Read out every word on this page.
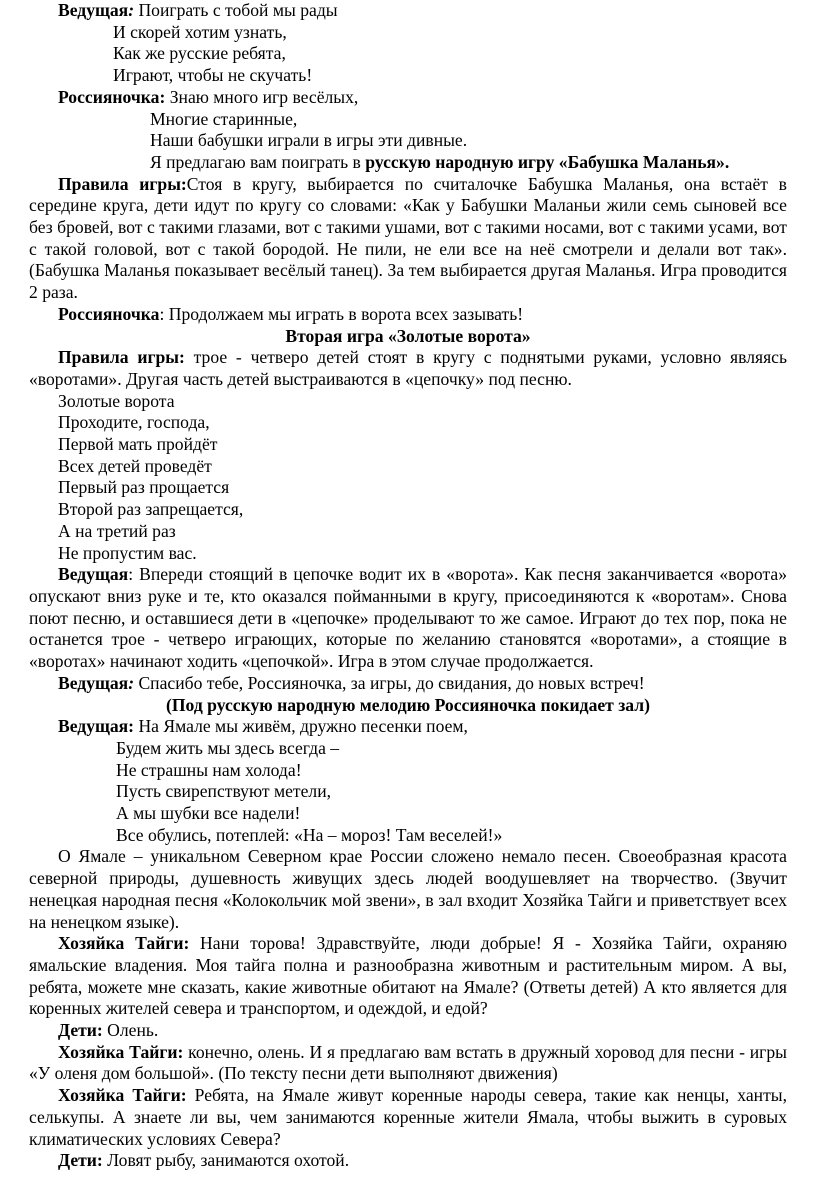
Ведущая: Поиграть с тобой мы рады

И скорей хотим узнать,

Как же русские ребята,

Играют, чтобы не скучать!

Россияночка: Знаю много игр весёлых,

Многие старинные,

Наши бабушки играли в игры эти дивные.

Я предлагаю вам поиграть в русскую народную игру «Бабушка Маланья».

Правила игры:Стоя в кругу, выбирается по считалочке Бабушка Маланья, она встаёт в середине круга, дети идут по кругу со словами: «Как у Бабушки Маланьи жили семь сыновей все без бровей, вот с такими глазами, вот с такими ушами, вот с такими носами, вот с такими усами, вот с такой головой, вот с такой бородой. Не пили, не ели все на неё смотрели и делали вот так». (Бабушка Маланья показывает весёлый танец). За тем выбирается другая Маланья. Игра проводится 2 раза.

Россияночка: Продолжаем мы играть в ворота всех зазывать!

Вторая игра «Золотые ворота»

Правила игры: трое - четверо детей стоят в кругу с поднятыми руками, условно являясь «воротами». Другая часть детей выстраиваются в «цепочку» под песню.

Золотые ворота

Проходите, господа,

Первой мать пройдёт

Всех детей проведёт

Первый раз прощается

Второй раз запрещается,

А на третий раз

Не пропустим вас.

Ведущая: Впереди стоящий в цепочке водит их в «ворота». Как песня заканчивается «ворота» опускают вниз руке и те, кто оказался пойманными в кругу, присоединяются к «воротам». Снова поют песню, и оставшиеся дети в «цепочке» проделывают то же самое. Играют до тех пор, пока не останется трое - четверо играющих, которые по желанию становятся «воротами», а стоящие в «воротах» начинают ходить «цепочкой». Игра в этом случае продолжается.

Ведущая: Спасибо тебе, Россияночка, за игры, до свидания, до новых встреч!

(Под русскую народную мелодию Россияночка покидает зал)

Ведущая: На Ямале мы живём, дружно песенки поем,

Будем жить мы здесь всегда –

Не страшны нам холода!

Пусть свирепствуют метели,

А мы шубки все надели!

Все обулись, потеплей: «На – мороз! Там веселей!»

О Ямале – уникальном Северном крае России сложено немало песен. Своеобразная красота северной природы, душевность живущих здесь людей воодушевляет на творчество. (Звучит ненецкая народная песня «Колокольчик мой звени», в зал входит Хозяйка Тайги и приветствует всех на ненецком языке).

Хозяйка Тайги: Нани торова! Здравствуйте, люди добрые! Я - Хозяйка Тайги, охраняю ямальские владения. Моя тайга полна и разнообразна животным и растительным миром. А вы, ребята, можете мне сказать, какие животные обитают на Ямале? (Ответы детей) А кто является для коренных жителей севера и транспортом, и одеждой, и едой?

Дети: Олень.

Хозяйка Тайги: конечно, олень. И я предлагаю вам встать в дружный хоровод для песни - игры «У оленя дом большой». (По тексту песни дети выполняют движения)

Хозяйка Тайги: Ребята, на Ямале живут коренные народы севера, такие как ненцы, ханты, селькупы. А знаете ли вы, чем занимаются коренные жители Ямала, чтобы выжить в суровых климатических условиях Севера?

Дети: Ловят рыбу, занимаются охотой.
